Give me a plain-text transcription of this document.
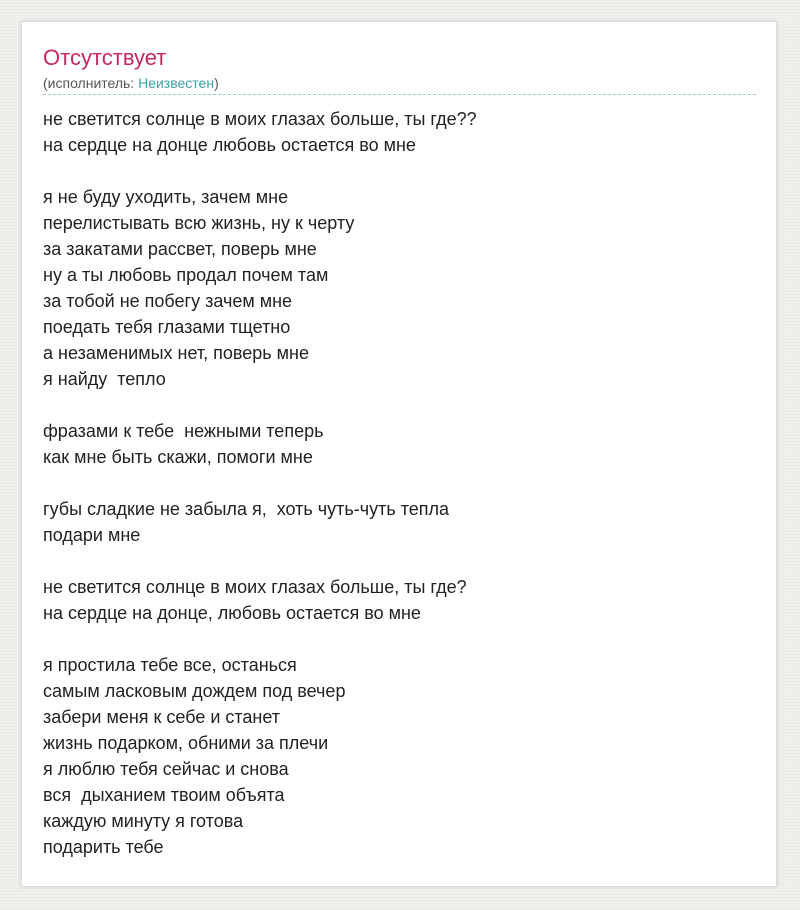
Отсутствует
(исполнитель: Неизвестен)
не светится солнце в моих глазах больше, ты где??
на сердце на донце любовь остается во мне
я не буду уходить, зачем мне
перелистывать всю жизнь, ну к черту
за закатами рассвет, поверь мне
ну а ты любовь продал почем там
за тобой не побегу зачем мне
поедать тебя глазами тщетно
а незаменимых нет, поверь мне
я найду  тепло
фразами к тебе  нежными теперь
как мне быть скажи, помоги мне
губы сладкие не забыла я,  хоть чуть-чуть тепла
подари мне
не светится солнце в моих глазах больше, ты где?
на сердце на донце, любовь остается во мне
я простила тебе все, останься
самым ласковым дождем под вечер
забери меня к себе и станет
жизнь подарком, обними за плечи
я люблю тебя сейчас и снова
вся  дыханием твоим объята
каждую минуту я готова
подарить тебе
